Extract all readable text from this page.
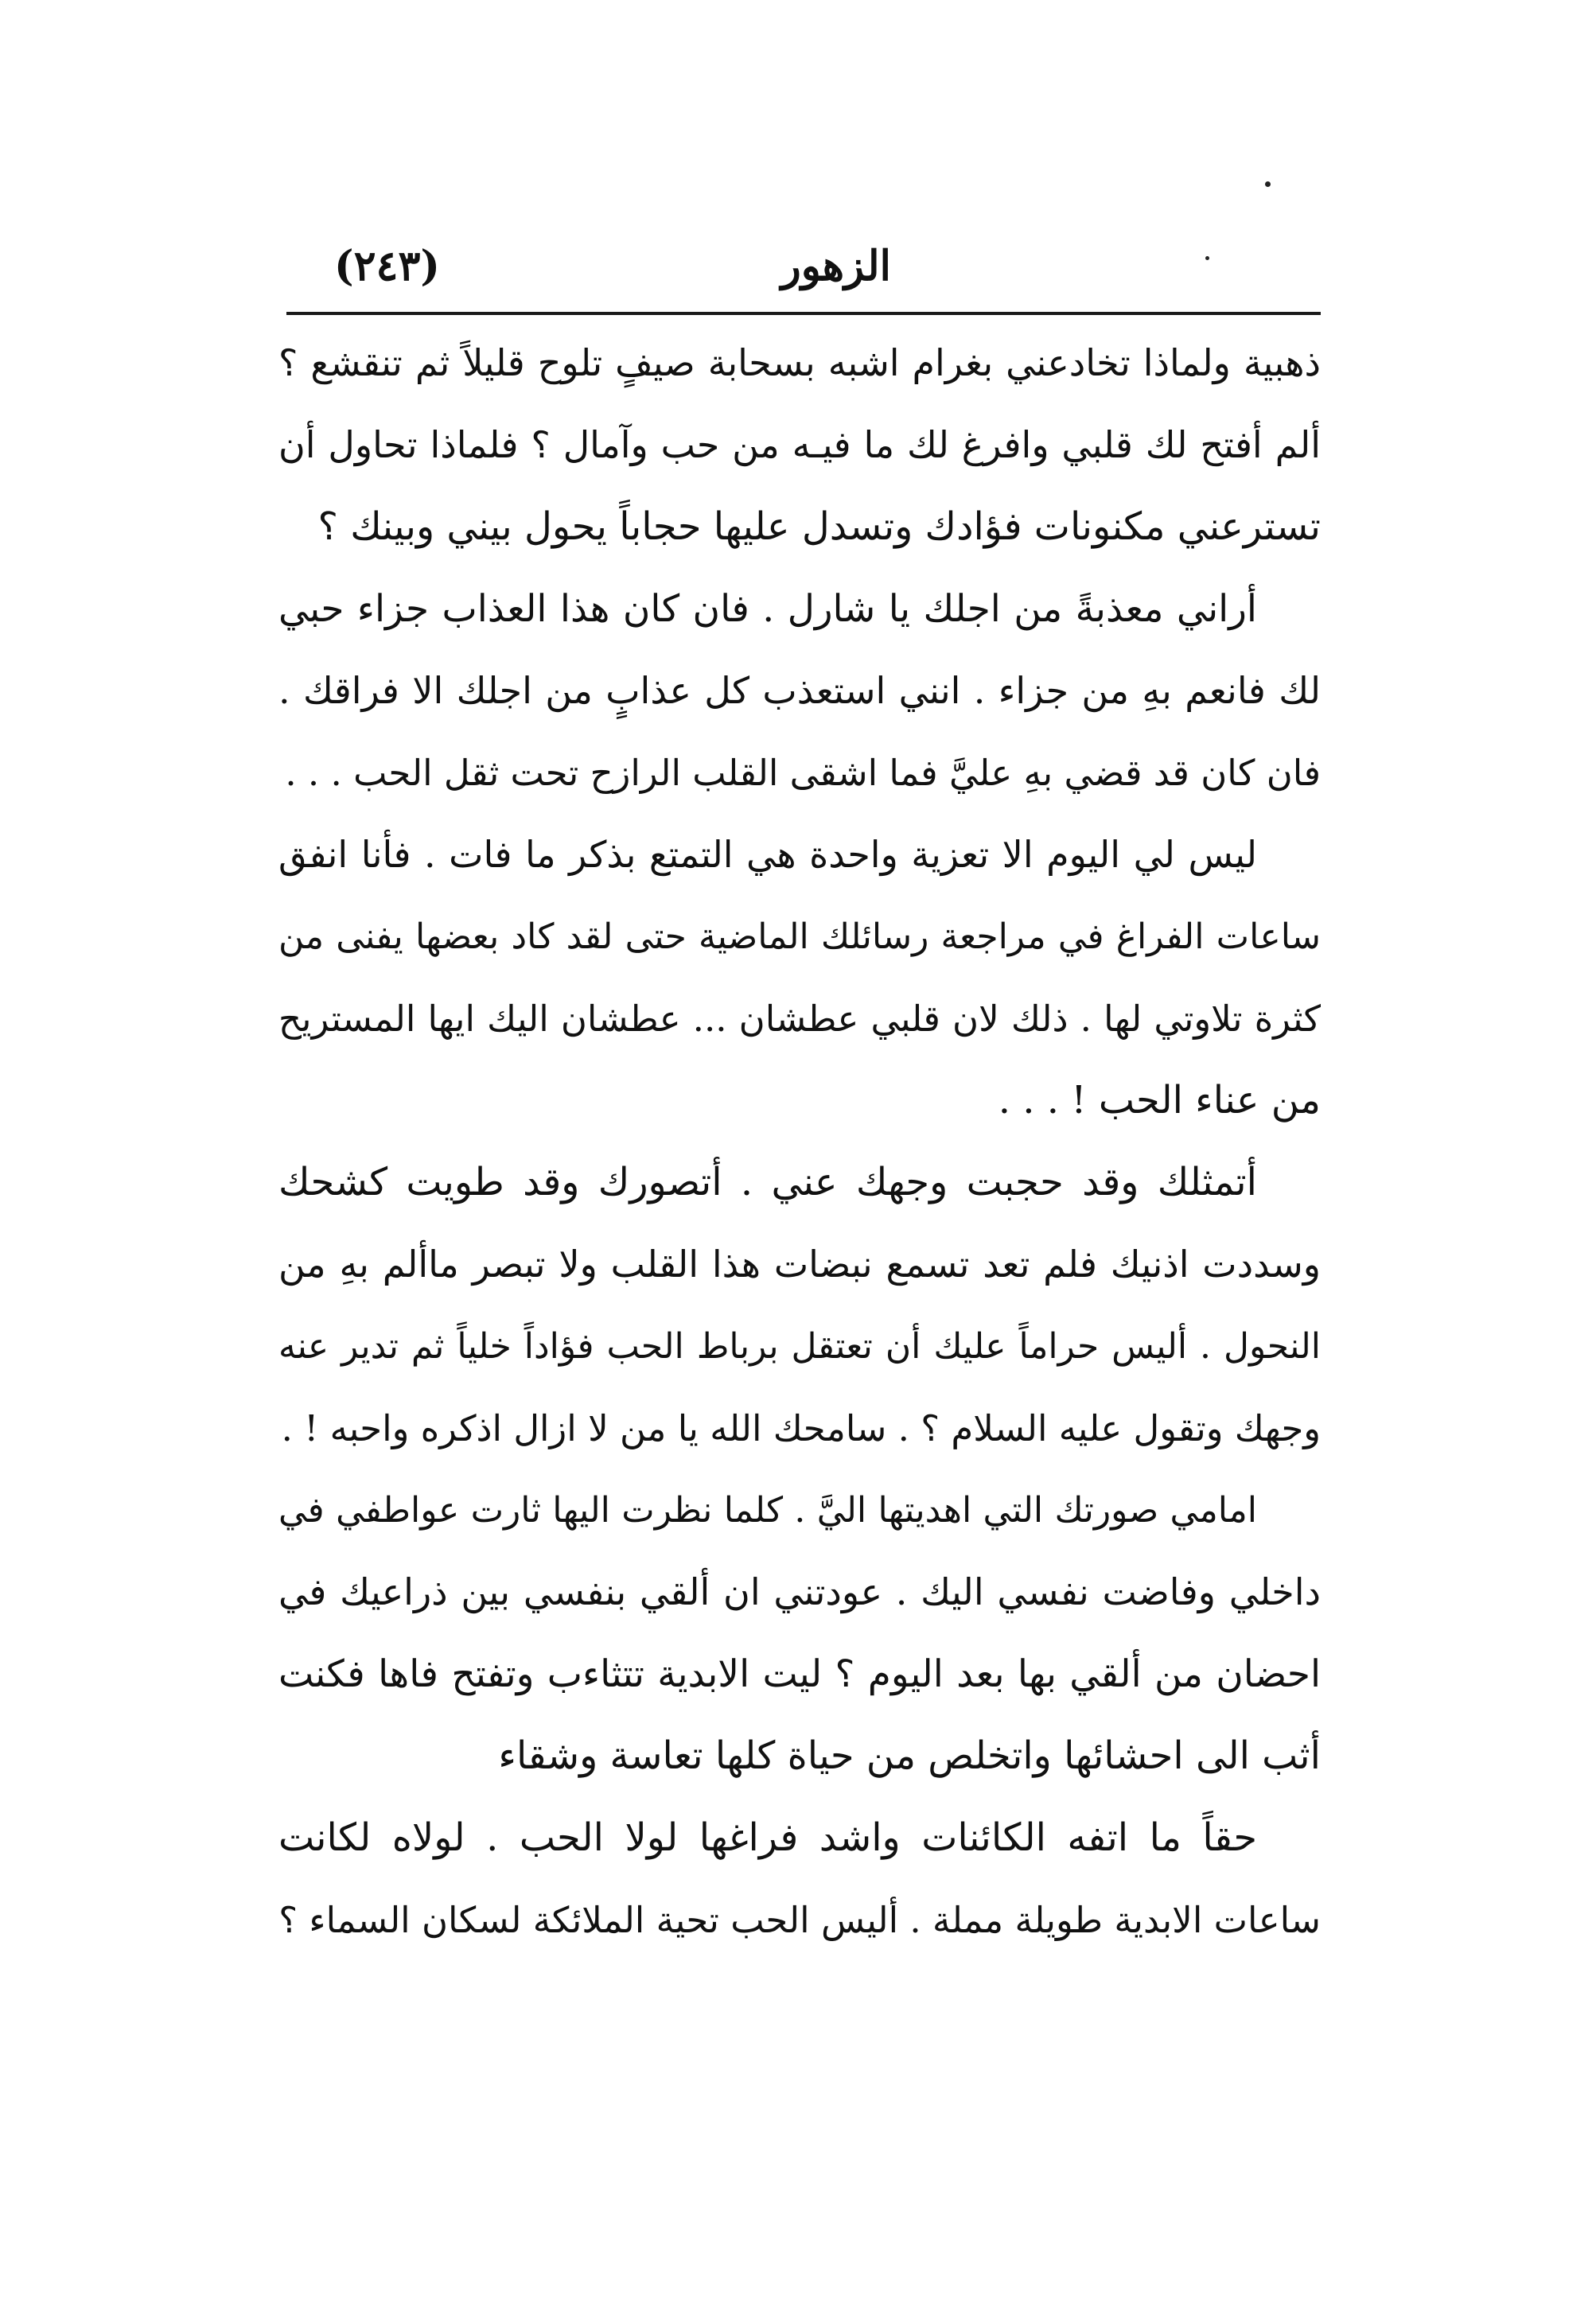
الزهور
(٢٤٣)
ذهبية ولماذا تخادعني بغرام اشبه بسحابة صيفٍ تلوح قليلاً ثم تنقشع ؟
ألم أفتح لك قلبي وافرغ لك ما فيـه من حب وآمال ؟ فلماذا تحاول أن
تسترعني مكنونات فؤادك وتسدل عليها حجاباً يحول بيني وبينك ؟
أراني معذبةً من اجلك يا شارل . فان كان هذا العذاب جزاء حبي
لك فانعم بهِ من جزاء . انني استعذب كل عذابٍ من اجلك الا فراقك .
فان كان قد قضي بهِ عليَّ فما اشقى القلب الرازح تحت ثقل الحب . . .
ليس لي اليوم الا تعزية واحدة هي التمتع بذكر ما فات . فأنا انفق
ساعات الفراغ في مراجعة رسائلك الماضية حتى لقد كاد بعضها يفنى من
كثرة تلاوتي لها . ذلك لان قلبي عطشان ... عطشان اليك ايها المستريح
من عناء الحب ! . . .
أتمثلك وقد حجبت وجهك عني . أتصورك وقد طويت كشحك
وسددت اذنيك فلم تعد تسمع نبضات هذا القلب ولا تبصر ماألم بهِ من
النحول . أليس حراماً عليك أن تعتقل برباط الحب فؤاداً خلياً ثم تدير عنه
وجهك وتقول عليه السلام ؟ . سامحك الله يا من لا ازال اذكره واحبه ! .
امامي صورتك التي اهديتها اليَّ . كلما نظرت اليها ثارت عواطفي في
داخلي وفاضت نفسي اليك . عودتني ان ألقي بنفسي بين ذراعيك في
احضان من ألقي بها بعد اليوم ؟ ليت الابدية تتثاءب وتفتح فاها فكنت
أثب الى احشائها واتخلص من حياة كلها تعاسة وشقاء
حقاً ما اتفه الكائنات واشد فراغها لولا الحب . لولاه لكانت
ساعات الابدية طويلة مملة . أليس الحب تحية الملائكة لسكان السماء ؟
